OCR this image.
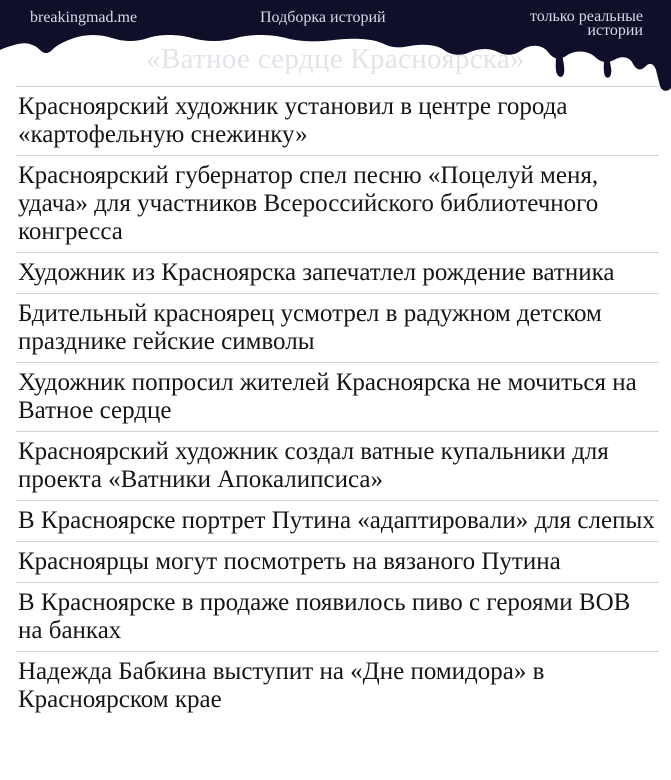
breakingmad.me	Подборка историй	только реальные истории
«Ватное сердце Красноярска»
Красноярский художник установил в центре города «картофельную снежинку»
Красноярский губернатор спел песню «Поцелуй меня, удача» для участников Всероссийского библиотечного конгресса
Художник из Красноярска запечатлел рождение ватника
Бдительный красноярец усмотрел в радужном детском празднике гейские символы
Художник попросил жителей Красноярска не мочиться на Ватное сердце
Красноярский художник создал ватные купальники для проекта «Ватники Апокалипсиса»
В Красноярске портрет Путина «адаптировали» для слепых
Красноярцы могут посмотреть на вязаного Путина
В Красноярске в продаже появилось пиво с героями ВОВ на банках
Надежда Бабкина выступит на «Дне помидора» в Красноярском крае
